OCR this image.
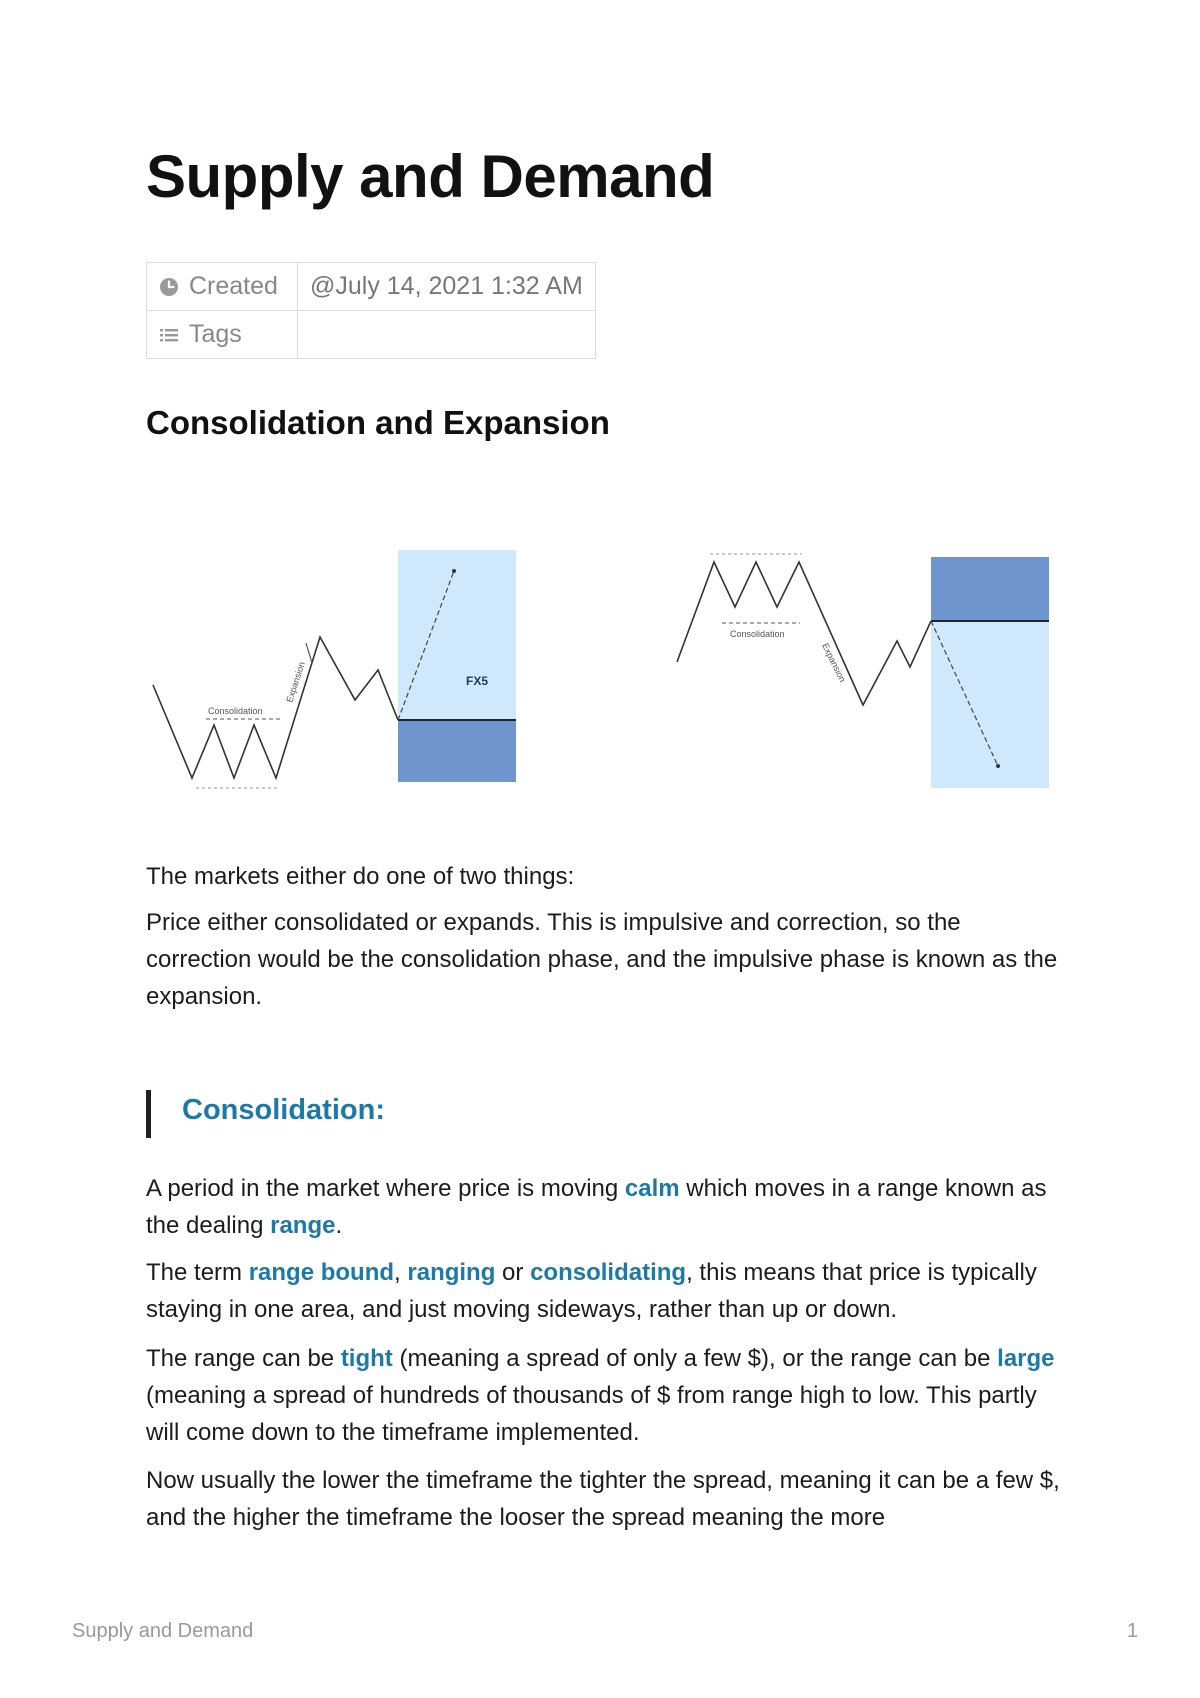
Supply and Demand
Created	@July 14, 2021 1:32 AM
Tags	
Consolidation and Expansion
Consolidation
Expansion	FX5
Consolidation
Expansion

The markets either do one of two things:

Price either consolidated or expands. This is impulsive and correction, so the correction would be the consolidation phase, and the impulsive phase is known as the expansion.

Consolidation:

A period in the market where price is moving calm which moves in a range known as the dealing range.

The term range bound, ranging or consolidating, this means that price is typically staying in one area, and just moving sideways, rather than up or down.

The range can be tight (meaning a spread of only a few $), or the range can be large (meaning a spread of hundreds of thousands of $ from range high to low. This partly will come down to the timeframe implemented.

Now usually the lower the timeframe the tighter the spread, meaning it can be a few $, and the higher the timeframe the looser the spread meaning the more

Supply and Demand	1
